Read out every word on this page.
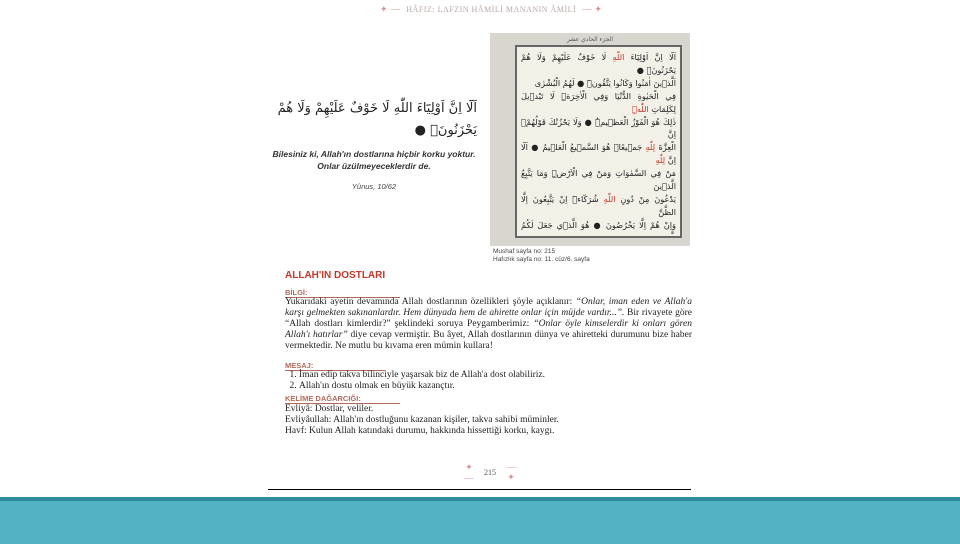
✦ — HÂFIZ: LAFZIN HÂMİLİ MANANIN ÂMİLİ — ✦
اَلَٓا اِنَّ اَوْلِيَٓاءَ اللّٰهِ لَا خَوْفٌ عَلَيْهِمْ وَلَا هُمْ يَحْزَنُونَۚ ●
Bilesiniz ki, Allah'ın dostlarına hiçbir korku yoktur. Onlar üzülmeyeceklerdir de.
Yûnus, 10/62
الجزء الحادي عشر
اَلَٓا اِنَّ اَوْلِيَٓاءَ اللّٰهِ لَا خَوْفٌ عَلَيْهِمْ وَلَا هُمْ يَحْزَنُونَۚ ●
اَلَّذ۪ينَ اٰمَنُوا وَكَانُوا يَتَّقُونَۜ ● لَهُمُ الْبُشْرٰى
فِي الْحَيٰوةِ الدُّنْيَا وَفِي الْاٰخِرَةِۜ لَا تَبْد۪يلَ لِكَلِمَاتِ اللّٰهِ
ذٰلِكَ هُوَ الْفَوْزُ الْعَظ۪يمُۜ ● وَلَا يَحْزُنْكَ قَوْلُهُمْۢ اِنَّ
الْعِزَّةَ لِلّٰهِ جَم۪يعًاۜ هُوَ السَّم۪يعُ الْعَل۪يمُ ● اَلَٓا اِنَّ لِلّٰهِ
مَنْ فِي السَّمٰوَاتِ وَمَنْ فِي الْاَرْضِۜ وَمَا يَتَّبِعُ الَّذ۪ينَ
يَدْعُونَ مِنْ دُونِ اللّٰهِ شُرَكَٓاءَۜ اِنْ يَتَّبِعُونَ اِلَّا الظَّنَّ
وَاِنْ هُمْ اِلَّا يَخْرُصُونَ ● هُوَ الَّذ۪ي جَعَلَ لَكُمُ
Mushaf sayfa no: 215
Hafızlık sayfa no: 11. cüz/6. sayfa
ALLAH'IN DOSTLARI
BİLGİ:
Yukarıdaki ayetin devamında Allah dostlarının özellikleri şöyle açıklanır: “Onlar, iman eden ve Allah'a karşı gelmekten sakınanlardır. Hem dünyada hem de ahirette onlar için müjde vardır...”. Bir rivayete göre “Allah dostları kimlerdir?” şeklindeki soruya Peygamberimiz: “Onlar öyle kimselerdir ki onları gören Allah'ı hatırlar” diye cevap vermiştir. Bu âyet, Allah dostlarının dünya ve ahiretteki durumunu bize haber vermektedir. Ne mutlu bu kıvama eren mümin kullara!
MESAJ:
1. İman edip takva bilinciyle yaşarsak biz de Allah'a dost olabiliriz.
2. Allah'ın dostu olmak en büyük kazançtır.
KELİME DAĞARCIĞI:
Evliyâ: Dostlar, veliler.
Evliyâullah: Allah'ın dostluğunu kazanan kişiler, takva sahibi müminler.
Havf: Kulun Allah katındaki durumu, hakkında hissettiği korku, kaygı.
✦ —
215
— ✦
